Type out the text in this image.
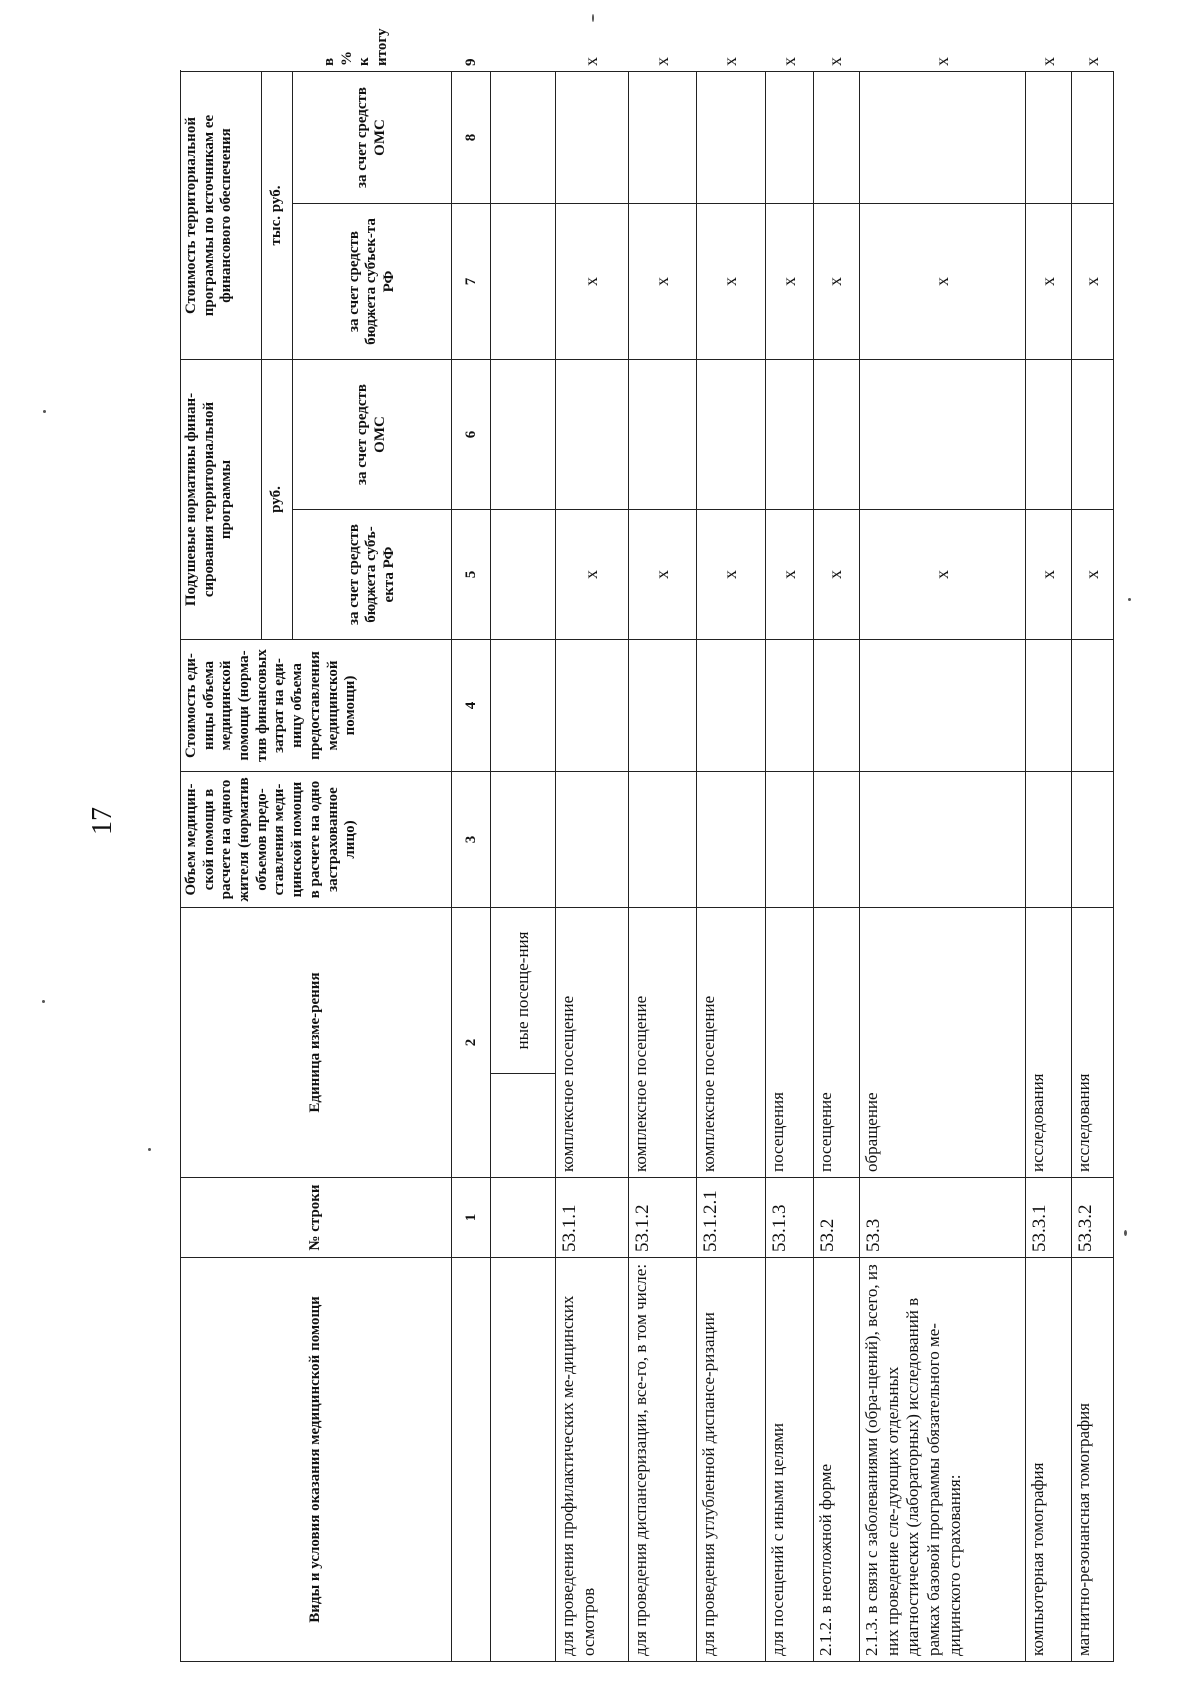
17
Виды и условия оказания медицинской помощи	№ строки	Единица изме-рения		Объем медицин-ской помощи в расчете на одного жителя (норматив объемов предо-ставления меди-цинской помощи в расчете на одно застрахованное лицо)	Стоимость еди-ницы объема медицинской помощи (норма-тив финансовых затрат на еди-ницу объема предоставления медицинской помощи)	Подушевые нормативы финан-сирования территориальной программы		Стоимость территориальной программы по источникам ее финансового обеспечения		
						руб.		тыс. руб.		в % к итогу
						за счет средств бюджета субъ-екта РФ	за счет средств ОМС	за счет средств бюджета субъек-та РФ	за счет средств ОМС	
	1	2		3	4	5	6	7	8	9
			ные посеще-ния							
для проведения профилактических ме-дицинских осмотров	53.1.1	комплексное посещение				х		х		х
для проведения диспансеризации, все-го, в том числе:	53.1.2	комплексное посещение				х		х		х
для проведения углубленной диспансе-ризации	53.1.2.1	комплексное посещение				х		х		х
для посещений с иными целями	53.1.3	посещения				х		х		х
2.1.2. в неотложной форме	53.2	посещение				х		х		х
2.1.3. в связи с заболеваниями (обра-щений), всего, из них проведение сле-дующих отдельных диагностических (лабораторных) исследований в рамках базовой программы обязательного ме-дицинского страхования:	53.3	обращение				х		х		х
компьютерная томография	53.3.1	исследования				х		х		х
магнитно-резонансная томография	53.3.2	исследования				х		х		х
